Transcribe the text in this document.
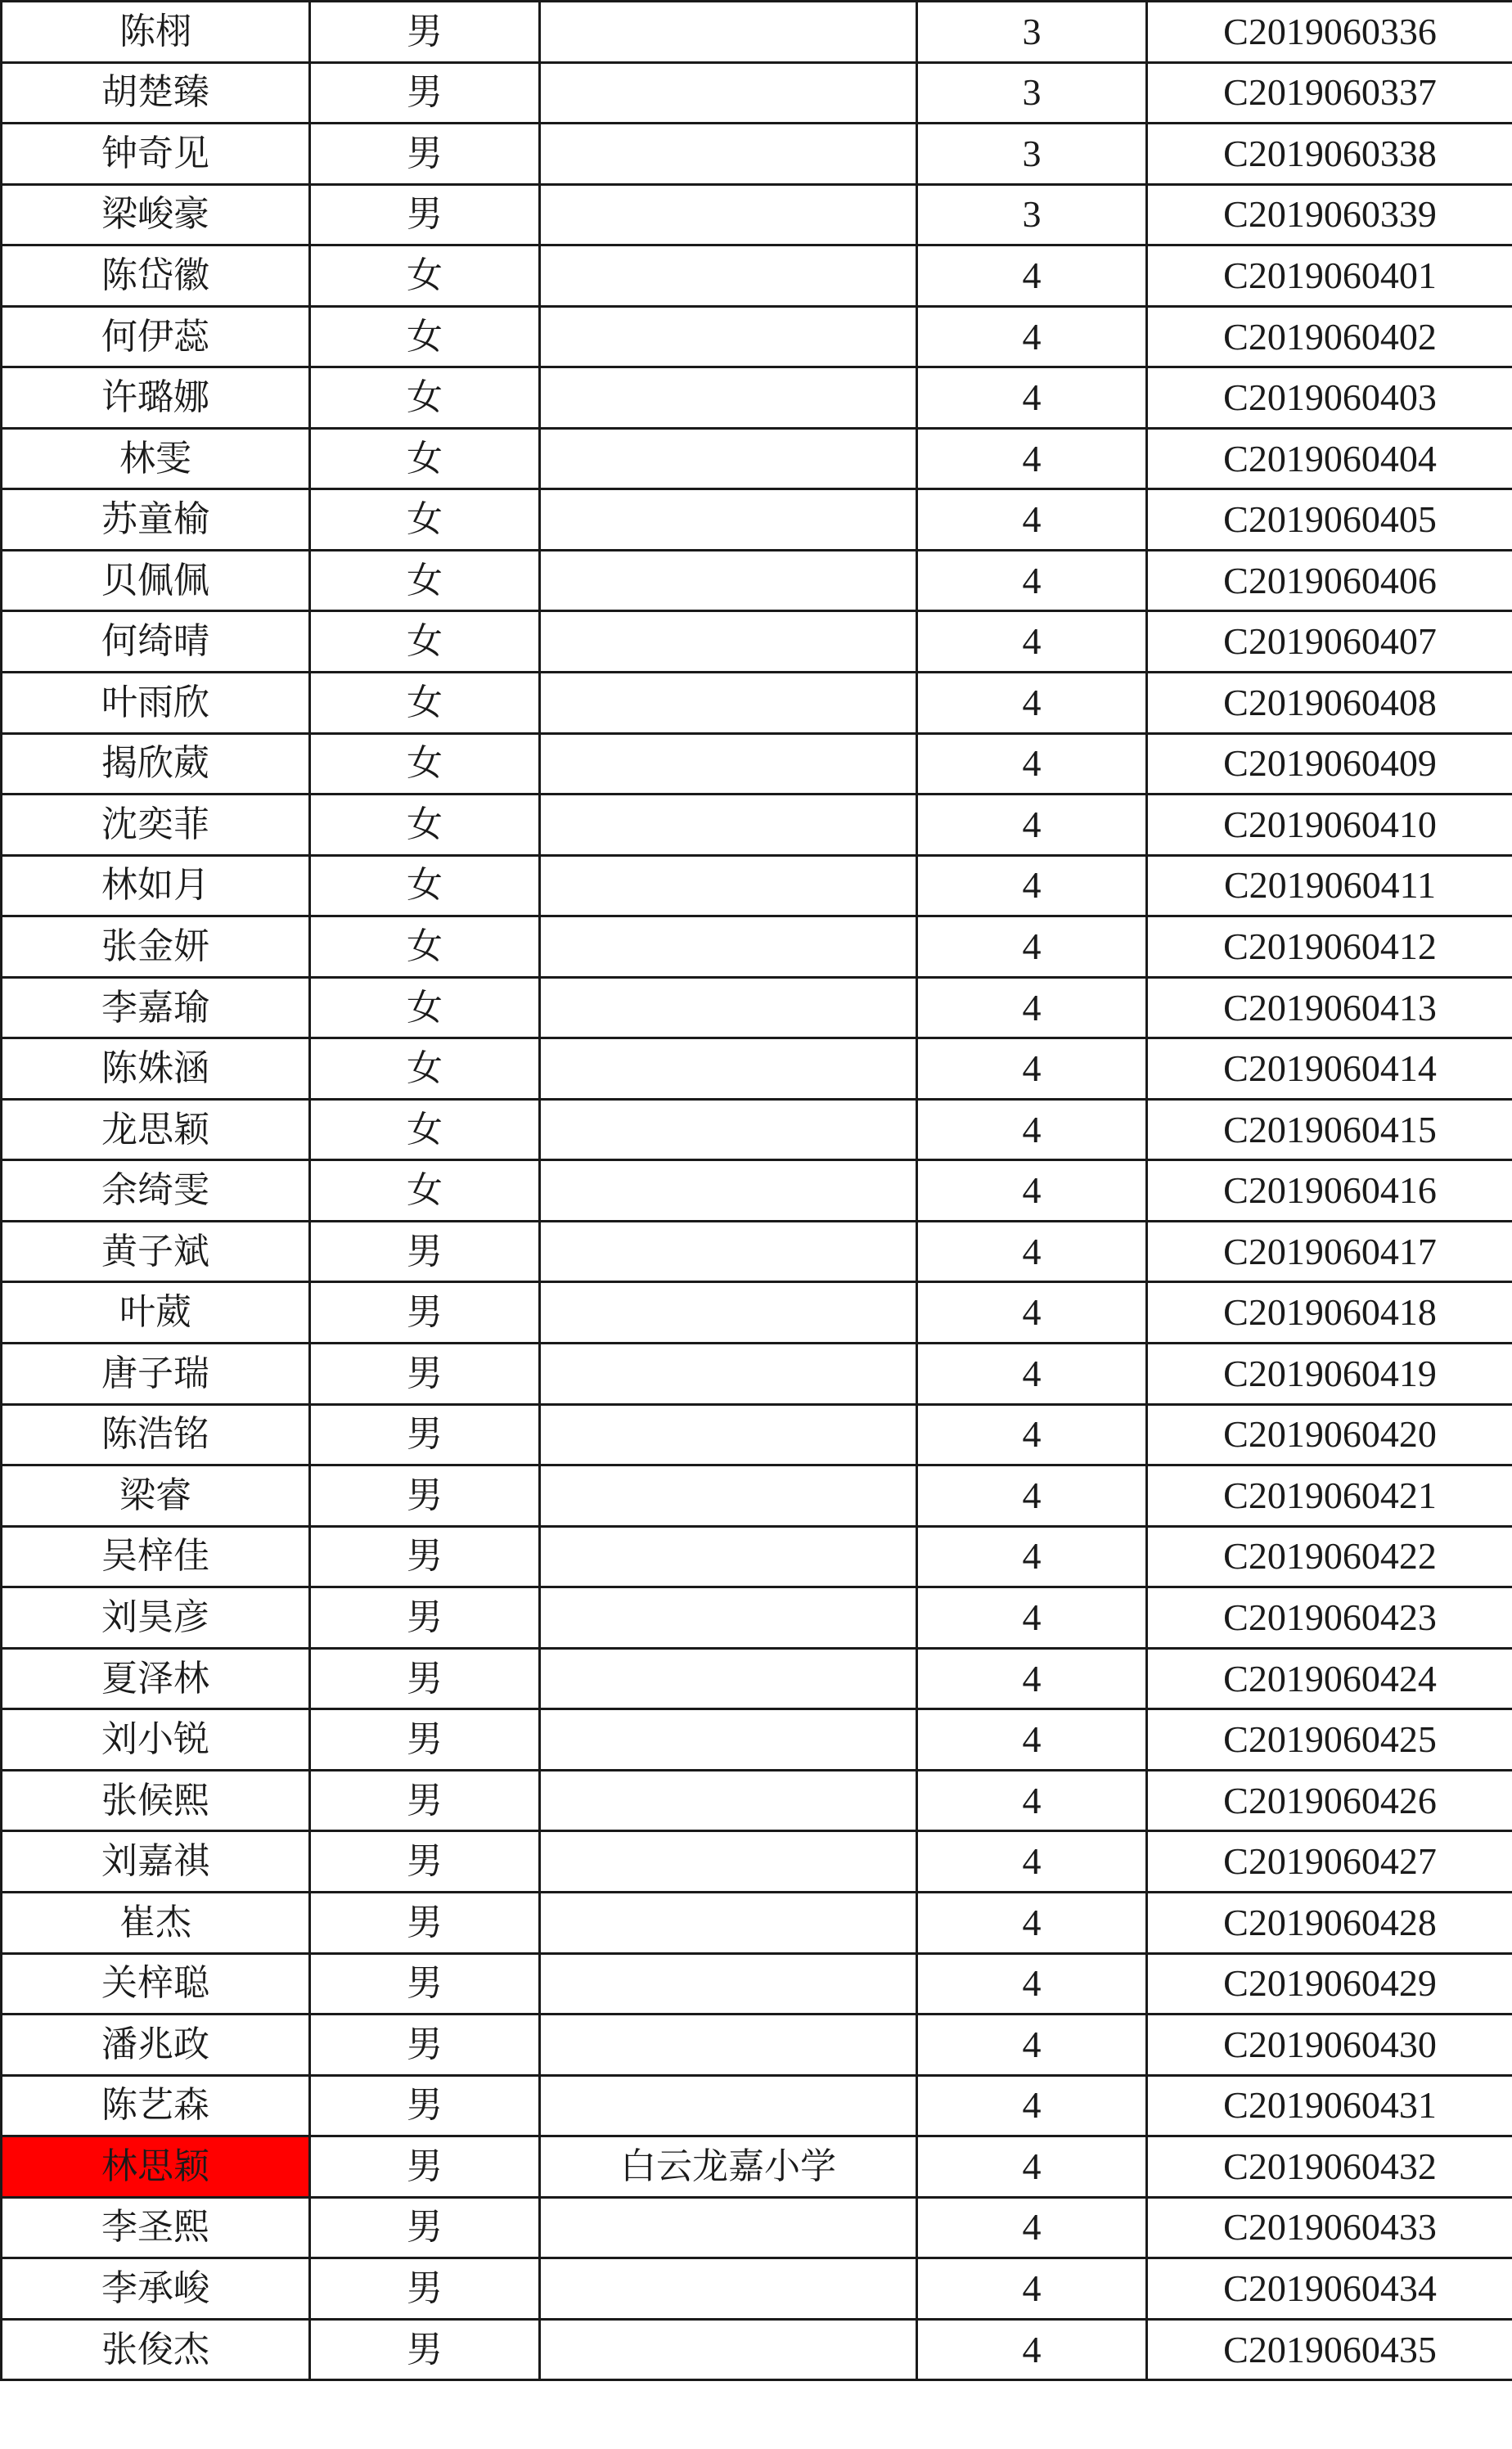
陈栩	男		3	C2019060336
胡楚臻	男		3	C2019060337
钟奇见	男		3	C2019060338
梁峻豪	男		3	C2019060339
陈岱徽	女		4	C2019060401
何伊蕊	女		4	C2019060402
许璐娜	女		4	C2019060403
林雯	女		4	C2019060404
苏童榆	女		4	C2019060405
贝佩佩	女		4	C2019060406
何绮晴	女		4	C2019060407
叶雨欣	女		4	C2019060408
揭欣葳	女		4	C2019060409
沈奕菲	女		4	C2019060410
林如月	女		4	C2019060411
张金妍	女		4	C2019060412
李嘉瑜	女		4	C2019060413
陈姝涵	女		4	C2019060414
龙思颖	女		4	C2019060415
余绮雯	女		4	C2019060416
黄子斌	男		4	C2019060417
叶葳	男		4	C2019060418
唐子瑞	男		4	C2019060419
陈浩铭	男		4	C2019060420
梁睿	男		4	C2019060421
吴梓佳	男		4	C2019060422
刘昊彦	男		4	C2019060423
夏泽林	男		4	C2019060424
刘小锐	男		4	C2019060425
张候熙	男		4	C2019060426
刘嘉祺	男		4	C2019060427
崔杰	男		4	C2019060428
关梓聪	男		4	C2019060429
潘兆政	男		4	C2019060430
陈艺森	男		4	C2019060431
林思颖	男	白云龙嘉小学	4	C2019060432
李圣熙	男		4	C2019060433
李承峻	男		4	C2019060434
张俊杰	男		4	C2019060435
